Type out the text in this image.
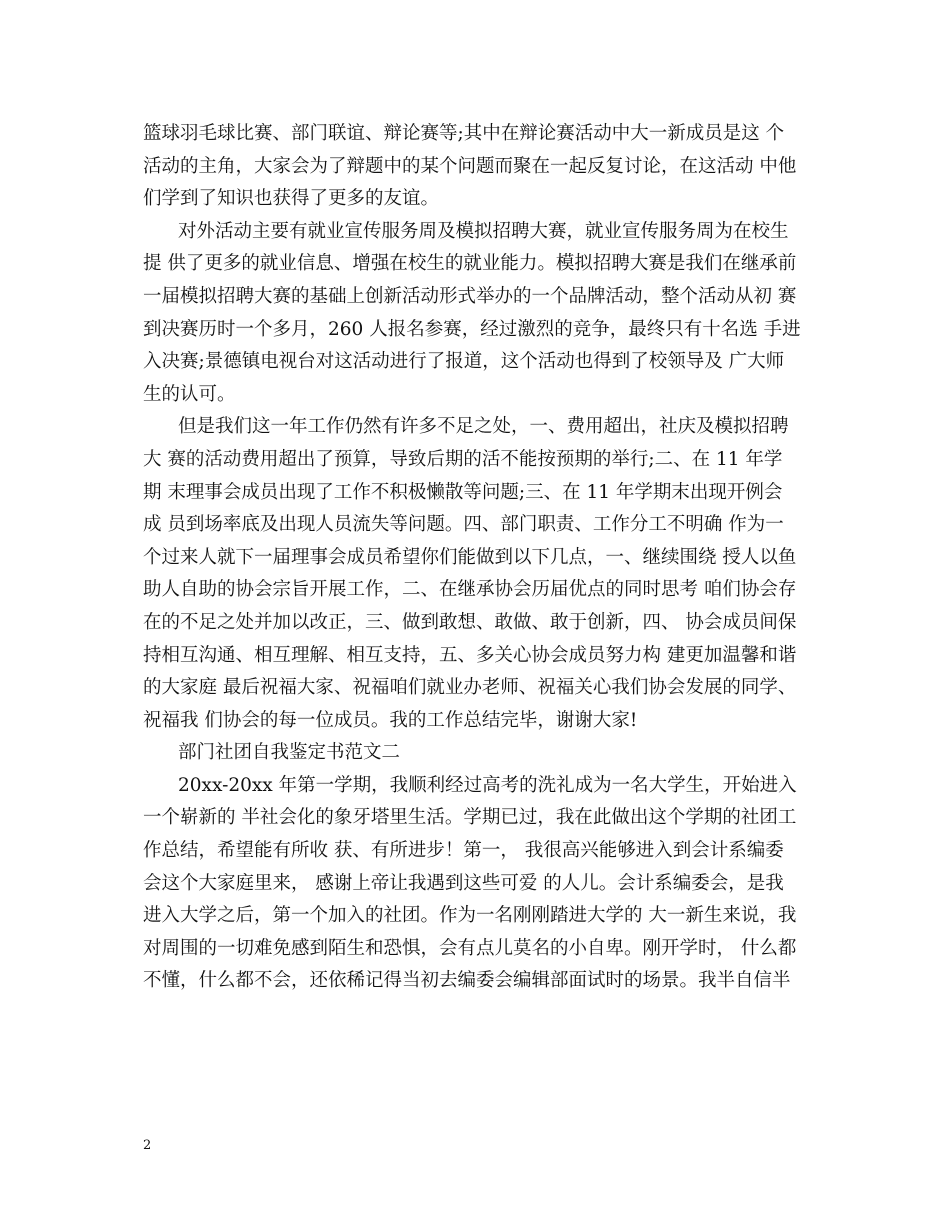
篮球羽毛球比赛、部门联谊、辩论赛等;其中在辩论赛活动中大一新成员是这 个
活动的主角，大家会为了辩题中的某个问题而聚在一起反复讨论，在这活动 中他
们学到了知识也获得了更多的友谊。
对外活动主要有就业宣传服务周及模拟招聘大赛，就业宣传服务周为在校生
提 供了更多的就业信息、增强在校生的就业能力。模拟招聘大赛是我们在继承前
一届模拟招聘大赛的基础上创新活动形式举办的一个品牌活动，整个活动从初 赛
到决赛历时一个多月，260 人报名参赛，经过激烈的竞争，最终只有十名选 手进
入决赛;景德镇电视台对这活动进行了报道，这个活动也得到了校领导及 广大师
生的认可。
但是我们这一年工作仍然有许多不足之处，一、费用超出，社庆及模拟招聘
大 赛的活动费用超出了预算，导致后期的活不能按预期的举行;二、在 11 年学
期 末理事会成员出现了工作不积极懒散等问题;三、在 11 年学期末出现开例会
成 员到场率底及出现人员流失等问题。四、部门职责、工作分工不明确 作为一
个过来人就下一届理事会成员希望你们能做到以下几点，一、继续围绕 授人以鱼
助人自助的协会宗旨开展工作，二、在继承协会历届优点的同时思考 咱们协会存
在的不足之处并加以改正，三、做到敢想、敢做、敢于创新，四、 协会成员间保
持相互沟通、相互理解、相互支持，五、多关心协会成员努力构 建更加温馨和谐
的大家庭 最后祝福大家、祝福咱们就业办老师、祝福关心我们协会发展的同学、
祝福我 们协会的每一位成员。我的工作总结完毕，谢谢大家!
部门社团自我鉴定书范文二
20xx-20xx 年第一学期，我顺利经过高考的洗礼成为一名大学生，开始进入
一个崭新的 半社会化的象牙塔里生活。学期已过，我在此做出这个学期的社团工
作总结，希望能有所收 获、有所进步！第一， 我很高兴能够进入到会计系编委
会这个大家庭里来， 感谢上帝让我遇到这些可爱 的人儿。会计系编委会，是我
进入大学之后，第一个加入的社团。作为一名刚刚踏进大学的 大一新生来说，我
对周围的一切难免感到陌生和恐惧，会有点儿莫名的小自卑。刚开学时， 什么都
不懂，什么都不会，还依稀记得当初去编委会编辑部面试时的场景。我半自信半
2
